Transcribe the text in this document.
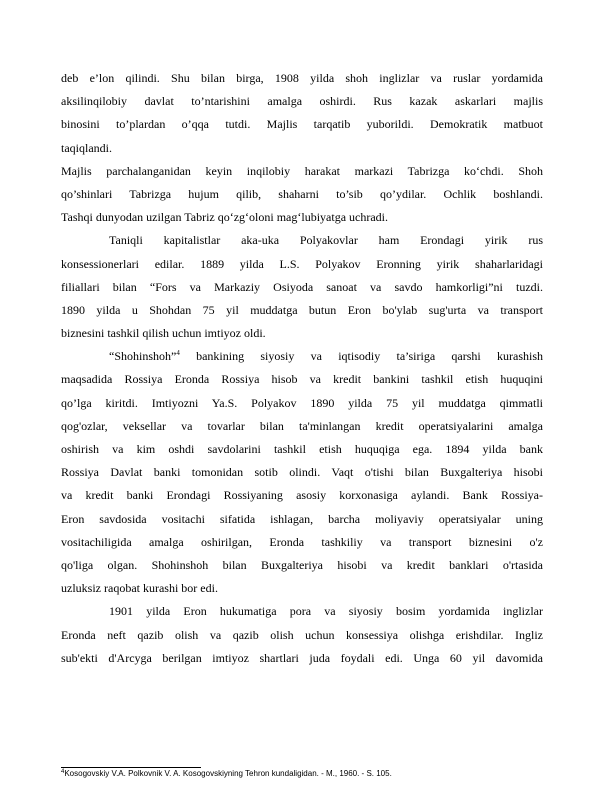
deb e’lon qilindi. Shu bilan birga, 1908 yilda shoh inglizlar va ruslar yordamida
aksilinqilobiy davlat to’ntarishini amalga oshirdi. Rus kazak askarlari majlis
binosini to’plardan o’qqa tutdi. Majlis tarqatib yuborildi. Demokratik matbuot
taqiqlandi.
Majlis parchalanganidan keyin inqilobiy harakat markazi Tabrizga ko‘chdi. Shoh
qo’shinlari Tabrizga hujum qilib, shaharni to’sib qo’ydilar. Ochlik boshlandi.
Tashqi dunyodan uzilgan Tabriz qo‘zg‘oloni mag‘lubiyatga uchradi.
Taniqli kapitalistlar aka-uka Polyakovlar ham Erondagi yirik rus
konsessionerlari edilar. 1889 yilda L.S. Polyakov Eronning yirik shaharlaridagi
filiallari bilan “Fors va Markaziy Osiyoda sanoat va savdo hamkorligi”ni tuzdi.
1890 yilda u Shohdan 75 yil muddatga butun Eron bo'ylab sug'urta va transport
biznesini tashkil qilish uchun imtiyoz oldi.
“Shohinshoh”$^4$ bankining siyosiy va iqtisodiy ta’siriga qarshi kurashish
maqsadida Rossiya Eronda Rossiya hisob va kredit bankini tashkil etish huquqini
qo’lga kiritdi. Imtiyozni Ya.S. Polyakov 1890 yilda 75 yil muddatga qimmatli
qog'ozlar, veksellar va tovarlar bilan ta'minlangan kredit operatsiyalarini amalga
oshirish va kim oshdi savdolarini tashkil etish huquqiga ega. 1894 yilda bank
Rossiya Davlat banki tomonidan sotib olindi. Vaqt o'tishi bilan Buxgalteriya hisobi
va kredit banki Erondagi Rossiyaning asosiy korxonasiga aylandi. Bank Rossiya-
Eron savdosida vositachi sifatida ishlagan, barcha moliyaviy operatsiyalar uning
vositachiligida amalga oshirilgan, Eronda tashkiliy va transport biznesini o'z
qo'liga olgan. Shohinshoh bilan Buxgalteriya hisobi va kredit banklari o'rtasida
uzluksiz raqobat kurashi bor edi.
1901 yilda Eron hukumatiga pora va siyosiy bosim yordamida inglizlar
Eronda neft qazib olish va qazib olish uchun konsessiya olishga erishdilar. Ingliz
sub'ekti d'Arcyga berilgan imtiyoz shartlari juda foydali edi. Unga 60 yil davomida
$^4$Kosogovskiy V.A. Polkovnik V. A. Kosogovskiyning Tehron kundaligidan. - M., 1960. - S. 105.
